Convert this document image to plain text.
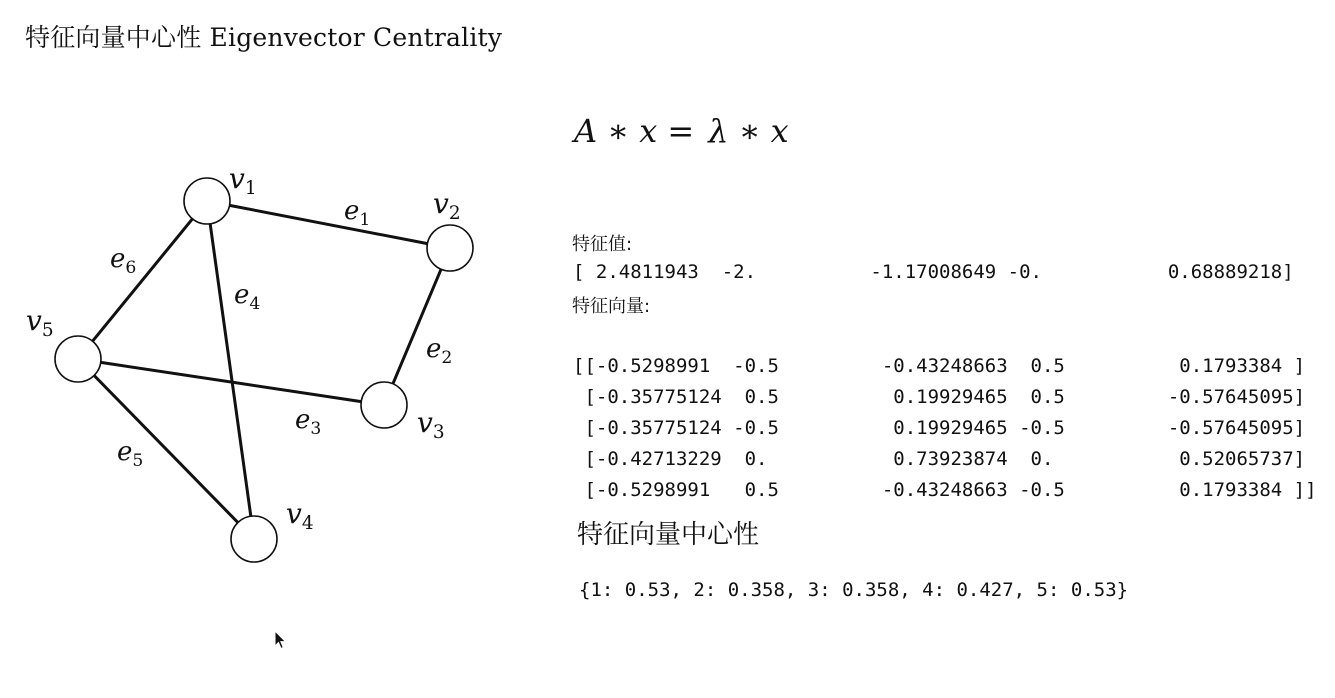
特征向量中心性 Eigenvector Centrality
$v_1$	$v_2$
$v_3$
$v_4$
$v_5$
$e_1$
$e_2$
$e_3$
$e_4$
$e_5$
$e_6$
A ∗ x = λ ∗ x
特征值:
[ 2.4811943  -2.          -1.17008649 -0.           0.68889218]
特征向量:

[[-0.5298991  -0.5         -0.43248663  0.5          0.1793384 ]
[-0.35775124  0.5          0.19929465  0.5         -0.57645095]
[-0.35775124 -0.5          0.19929465 -0.5         -0.57645095]
[-0.42713229  0.           0.73923874  0.           0.52065737]
[-0.5298991   0.5         -0.43248663 -0.5          0.1793384 ]]
特征向量中心性
{1: 0.53, 2: 0.358, 3: 0.358, 4: 0.427, 5: 0.53}
